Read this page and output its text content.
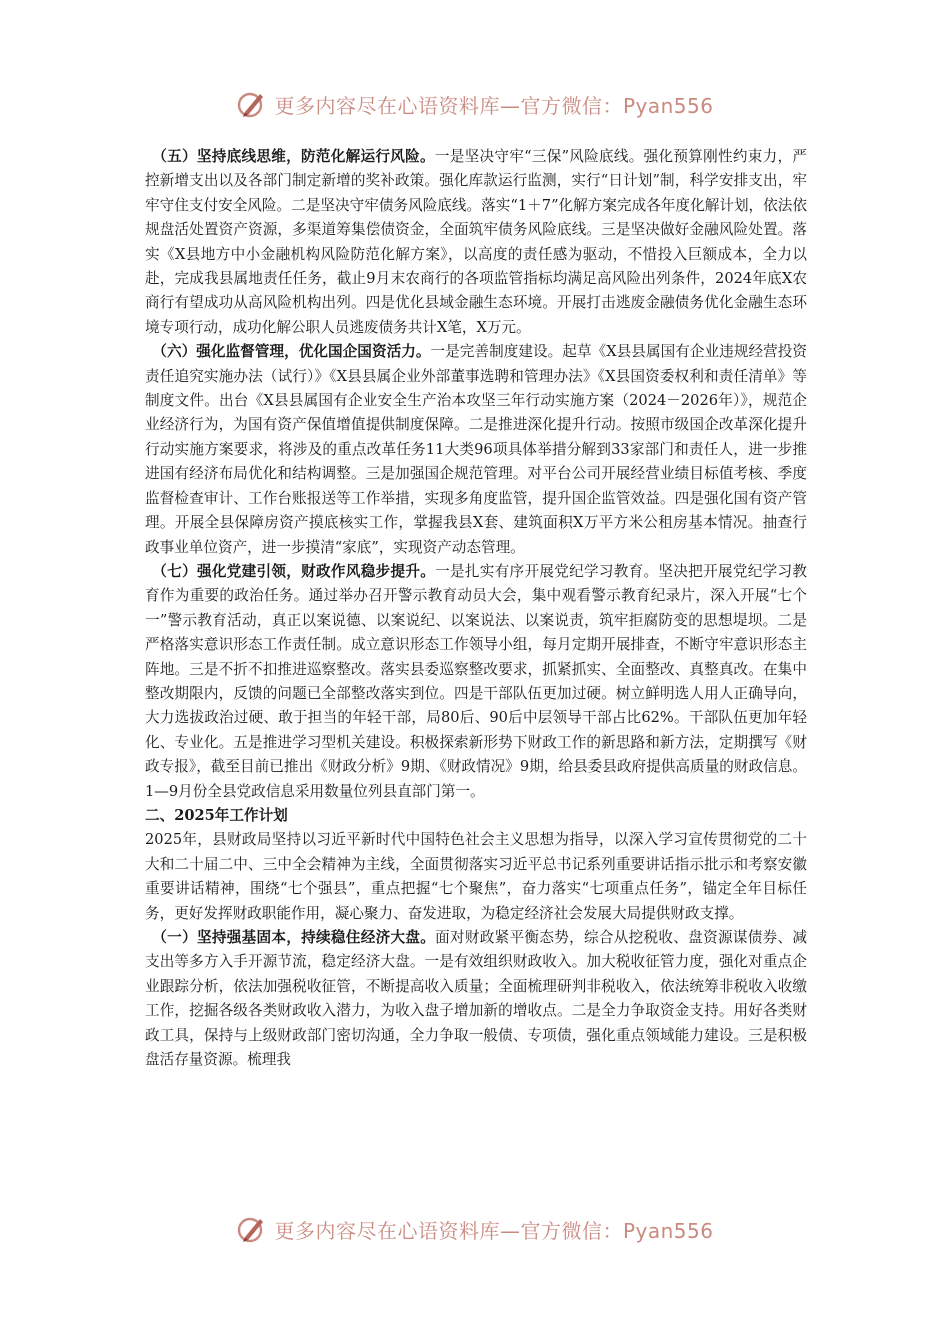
更多内容尽在心语资料库—官方微信：Pyan556

（五）坚持底线思维，防范化解运行风险。一是坚决守牢“三保”风险底线。强化预算刚性约束力，严控新增支出以及各部门制定新增的奖补政策。强化库款运行监测，实行“日计划”制，科学安排支出，牢牢守住支付安全风险。二是坚决守牢债务风险底线。落实“1＋7”化解方案完成各年度化解计划，依法依规盘活处置资产资源，多渠道筹集偿债资金，全面筑牢债务风险底线。三是坚决做好金融风险处置。落实《X县地方中小金融机构风险防范化解方案》，以高度的责任感为驱动，不惜投入巨额成本，全力以赴，完成我县属地责任任务，截止9月末农商行的各项监管指标均满足高风险出列条件，2024年底X农商行有望成功从高风险机构出列。四是优化县域金融生态环境。开展打击逃废金融债务优化金融生态环境专项行动，成功化解公职人员逃废债务共计X笔，X万元。

（六）强化监督管理，优化国企国资活力。一是完善制度建设。起草《X县县属国有企业违规经营投资责任追究实施办法（试行）》《X县县属企业外部董事选聘和管理办法》《X县国资委权利和责任清单》等制度文件。出台《X县县属国有企业安全生产治本攻坚三年行动实施方案（2024－2026年）》，规范企业经济行为，为国有资产保值增值提供制度保障。二是推进深化提升行动。按照市级国企改革深化提升行动实施方案要求，将涉及的重点改革任务11大类96项具体举措分解到33家部门和责任人，进一步推进国有经济布局优化和结构调整。三是加强国企规范管理。对平台公司开展经营业绩目标值考核、季度监督检查审计、工作台账报送等工作举措，实现多角度监管，提升国企监管效益。四是强化国有资产管理。开展全县保障房资产摸底核实工作，掌握我县X套、建筑面积X万平方米公租房基本情况。抽查行政事业单位资产，进一步摸清“家底”，实现资产动态管理。

（七）强化党建引领，财政作风稳步提升。一是扎实有序开展党纪学习教育。坚决把开展党纪学习教育作为重要的政治任务。通过举办召开警示教育动员大会，集中观看警示教育纪录片，深入开展“七个一”警示教育活动，真正以案说德、以案说纪、以案说法、以案说责，筑牢拒腐防变的思想堤坝。二是严格落实意识形态工作责任制。成立意识形态工作领导小组，每月定期开展排查，不断守牢意识形态主阵地。三是不折不扣推进巡察整改。落实县委巡察整改要求，抓紧抓实、全面整改、真整真改。在集中整改期限内，反馈的问题已全部整改落实到位。四是干部队伍更加过硬。树立鲜明选人用人正确导向，大力选拔政治过硬、敢于担当的年轻干部，局80后、90后中层领导干部占比62%。干部队伍更加年轻化、专业化。五是推进学习型机关建设。积极探索新形势下财政工作的新思路和新方法，定期撰写《财政专报》，截至目前已推出《财政分析》9期、《财政情况》9期，给县委县政府提供高质量的财政信息。1—9月份全县党政信息采用数量位列县直部门第一。

二、2025年工作计划

2025年，县财政局坚持以习近平新时代中国特色社会主义思想为指导，以深入学习宣传贯彻党的二十大和二十届二中、三中全会精神为主线，全面贯彻落实习近平总书记系列重要讲话指示批示和考察安徽重要讲话精神，围绕“七个强县”，重点把握“七个聚焦”，奋力落实“七项重点任务”，锚定全年目标任务，更好发挥财政职能作用，凝心聚力、奋发进取，为稳定经济社会发展大局提供财政支撑。

（一）坚持强基固本，持续稳住经济大盘。面对财政紧平衡态势，综合从挖税收、盘资源谋债券、减支出等多方入手开源节流，稳定经济大盘。一是有效组织财政收入。加大税收征管力度，强化对重点企业跟踪分析，依法加强税收征管，不断提高收入质量；全面梳理研判非税收入，依法统筹非税收入收缴工作，挖掘各级各类财政收入潜力，为收入盘子增加新的增收点。二是全力争取资金支持。用好各类财政工具，保持与上级财政部门密切沟通，全力争取一般债、专项债，强化重点领域能力建设。三是积极盘活存量资源。梳理我

更多内容尽在心语资料库—官方微信：Pyan556
